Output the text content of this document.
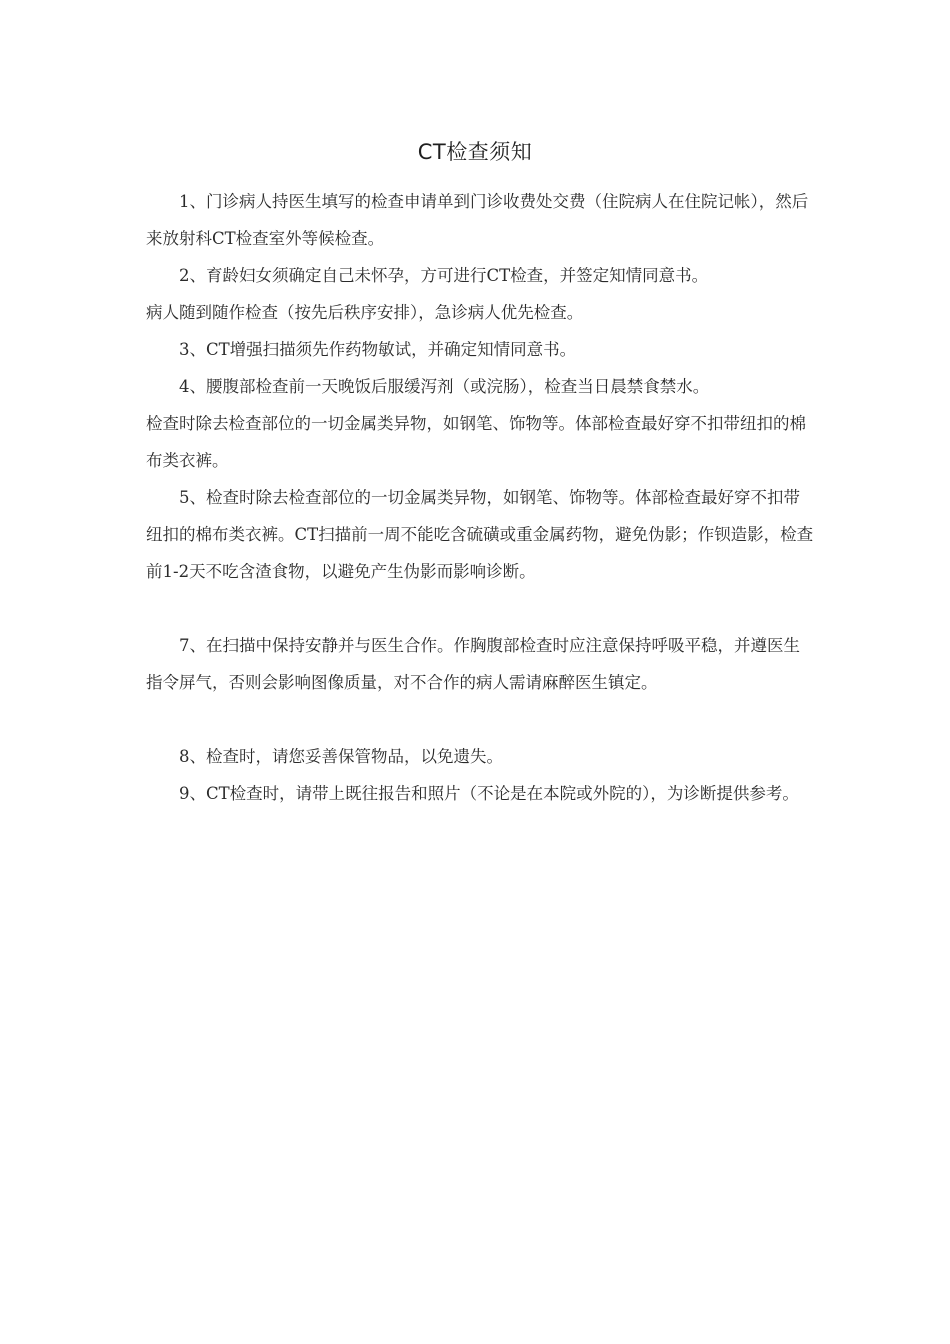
CT检查须知

1、门诊病人持医生填写的检查申请单到门诊收费处交费（住院病人在住院记帐），然后来放射科CT检查室外等候检查。

2、育龄妇女须确定自己未怀孕，方可进行CT检查，并签定知情同意书。

病人随到随作检查（按先后秩序安排），急诊病人优先检查。

3、CT增强扫描须先作药物敏试，并确定知情同意书。

4、腰腹部检查前一天晚饭后服缓泻剂（或浣肠），检查当日晨禁食禁水。

检查时除去检查部位的一切金属类异物，如钢笔、饰物等。体部检查最好穿不扣带纽扣的棉布类衣裤。

5、检查时除去检查部位的一切金属类异物，如钢笔、饰物等。体部检查最好穿不扣带纽扣的棉布类衣裤。CT扫描前一周不能吃含硫磺或重金属药物，避免伪影；作钡造影，检查前1-2天不吃含渣食物，以避免产生伪影而影响诊断。

7、在扫描中保持安静并与医生合作。作胸腹部检查时应注意保持呼吸平稳，并遵医生指令屏气，否则会影响图像质量，对不合作的病人需请麻醉医生镇定。

8、检查时，请您妥善保管物品，以免遗失。

9、CT检查时，请带上既往报告和照片（不论是在本院或外院的），为诊断提供参考。
